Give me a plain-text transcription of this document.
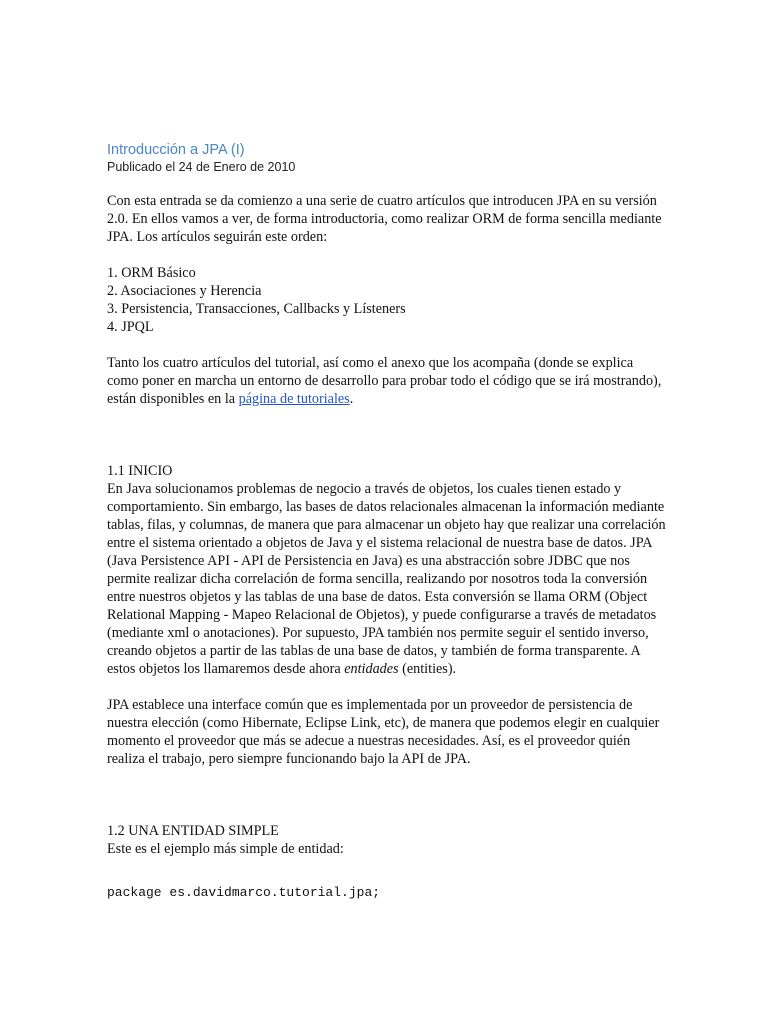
Introducción a JPA (I)

Publicado el 24 de Enero de 2010

Con esta entrada se da comienzo a una serie de cuatro artículos que introducen JPA en su versión 2.0. En ellos vamos a ver, de forma introductoria, como realizar ORM de forma sencilla mediante JPA. Los artículos seguirán este orden:

1. ORM Básico
2. Asociaciones y Herencia
3. Persistencia, Transacciones, Callbacks y Lísteners
4. JPQL

Tanto los cuatro artículos del tutorial, así como el anexo que los acompaña (donde se explica como poner en marcha un entorno de desarrollo para probar todo el código que se irá mostrando), están disponibles en la página de tutoriales.

1.1 INICIO

En Java solucionamos problemas de negocio a través de objetos, los cuales tienen estado y comportamiento. Sin embargo, las bases de datos relacionales almacenan la información mediante tablas, filas, y columnas, de manera que para almacenar un objeto hay que realizar una correlación entre el sistema orientado a objetos de Java y el sistema relacional de nuestra base de datos. JPA (Java Persistence API - API de Persistencia en Java) es una abstracción sobre JDBC que nos permite realizar dicha correlación de forma sencilla, realizando por nosotros toda la conversión entre nuestros objetos y las tablas de una base de datos. Esta conversión se llama ORM (Object Relational Mapping - Mapeo Relacional de Objetos), y puede configurarse a través de metadatos (mediante xml o anotaciones). Por supuesto, JPA también nos permite seguir el sentido inverso, creando objetos a partir de las tablas de una base de datos, y también de forma transparente. A estos objetos los llamaremos desde ahora entidades (entities).

JPA establece una interface común que es implementada por un proveedor de persistencia de nuestra elección (como Hibernate, Eclipse Link, etc), de manera que podemos elegir en cualquier momento el proveedor que más se adecue a nuestras necesidades. Así, es el proveedor quién realiza el trabajo, pero siempre funcionando bajo la API de JPA.

1.2 UNA ENTIDAD SIMPLE

Este es el ejemplo más simple de entidad:

package es.davidmarco.tutorial.jpa;
